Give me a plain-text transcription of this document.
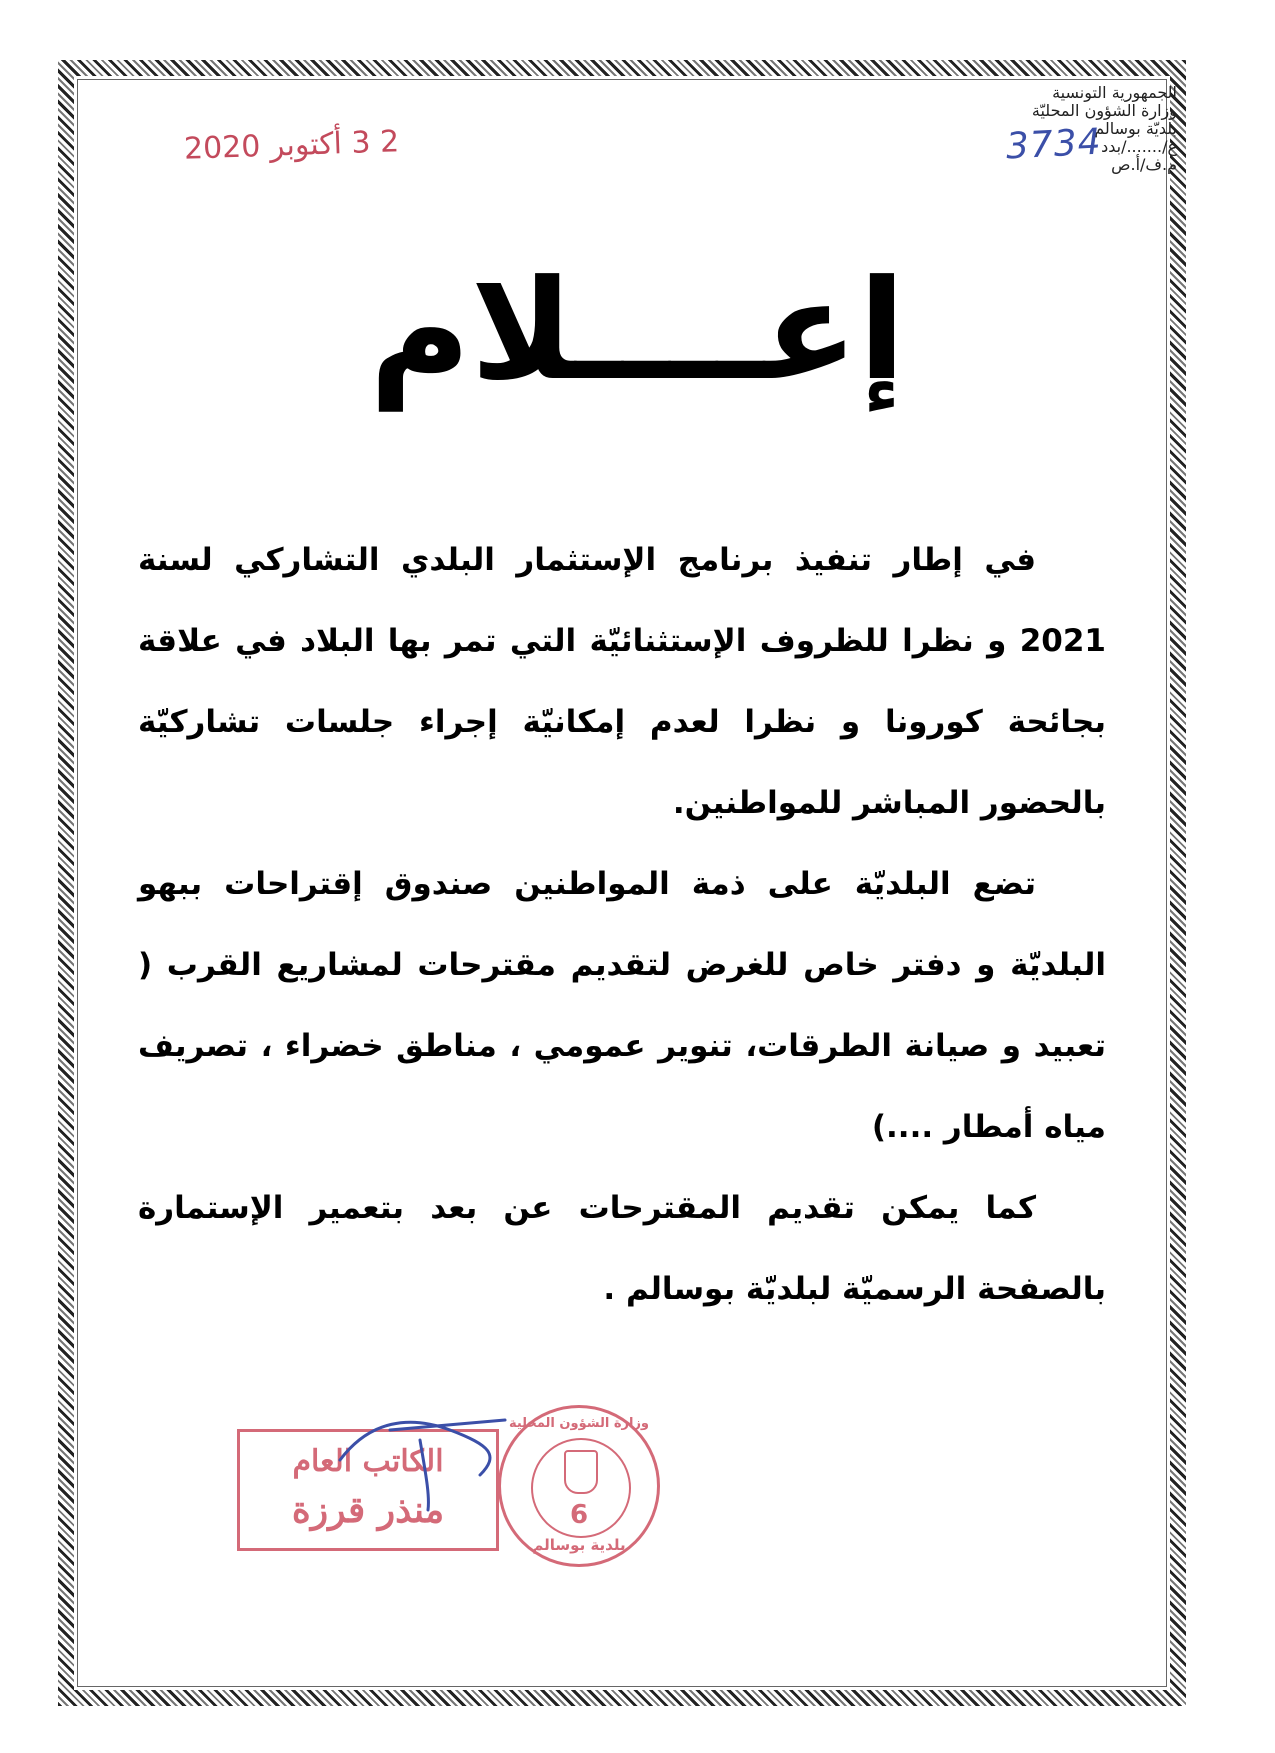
2 3 أكتوبر 2020
الجمهورية التونسية
وزارة الشؤون المحليّة
بلديّة بوسالم
ع/......./بدد
م.ف/أ.ص
3734
إعــــلام

في إطار تنفيذ برنامج الإستثمار البلدي التشاركي لسنة 2021 و نظرا للظروف الإستثنائيّة التي تمر بها البلاد في علاقة بجائحة كورونا و نظرا لعدم إمكانيّة إجراء جلسات تشاركيّة بالحضور المباشر للمواطنين.

تضع البلديّة على ذمة المواطنين صندوق إقتراحات ببهو البلديّة و دفتر خاص للغرض لتقديم مقترحات لمشاريع القرب ( تعبيد و صيانة الطرقات، تنوير عمومي ، مناطق خضراء ، تصريف مياه أمطار ....)

كما يمكن تقديم المقترحات عن بعد بتعمير الإستمارة بالصفحة الرسميّة لبلديّة بوسالم .

الكاتب العام
منذر قرزة
وزارة الشؤون المحلية
6
بلدية بوسالم
